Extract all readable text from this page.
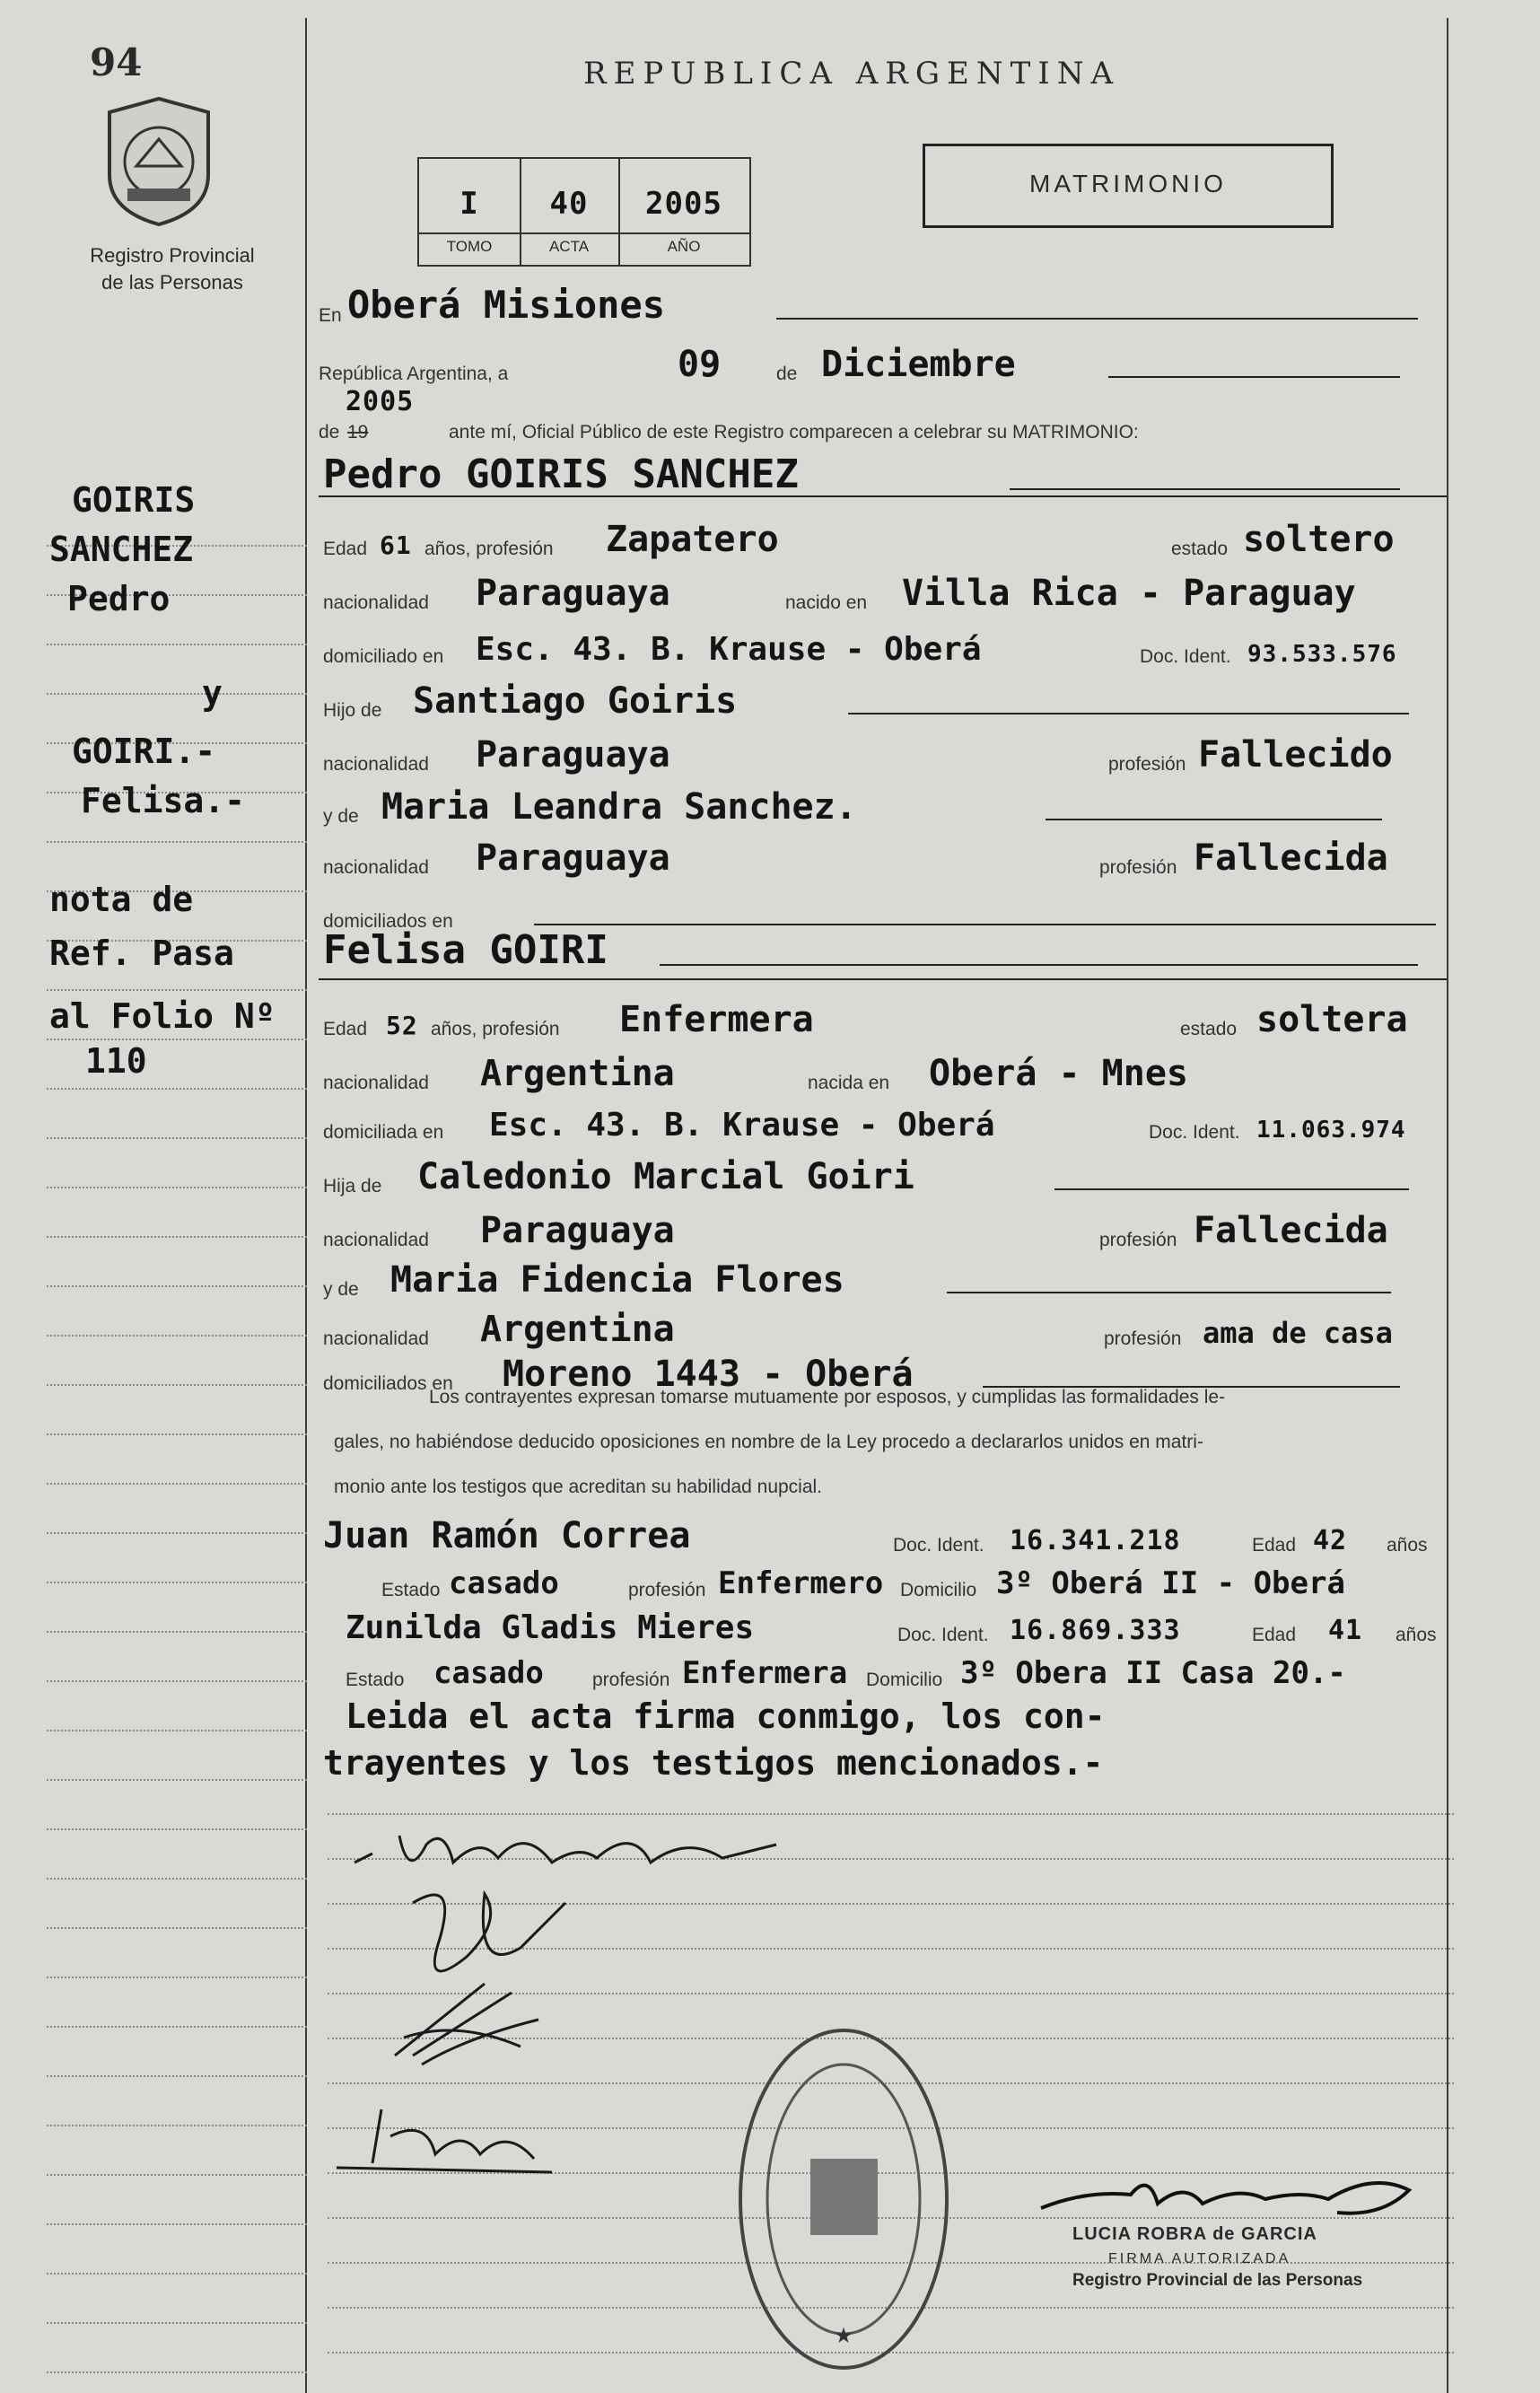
94
Registro Provincial
de las Personas
REPUBLICA ARGENTINA
MATRIMONIO
I	40	2005
TOMO	ACTA	AÑO
En Oberá Misiones
República Argentina, a	09	de Diciembre
2005
de 19	ante mí, Oficial Público de este Registro comparecen a celebrar su MATRIMONIO:
Pedro GOIRIS SANCHEZ
Edad 61 años, profesión Zapatero	estado soltero
nacionalidad Paraguaya	nacido en Villa Rica - Paraguay
domiciliado en Esc. 43. B. Krause - Oberá	Doc. Ident. 93.533.576
Hijo de Santiago Goiris
nacionalidad Paraguaya	profesión Fallecido
y de Maria Leandra Sanchez.
nacionalidad Paraguaya	profesión Fallecida
domiciliados en
Felisa GOIRI
Edad 52 años, profesión Enfermera	estado soltera
nacionalidad Argentina	nacida en Oberá - Mnes
domiciliada en Esc. 43. B. Krause - Oberá	Doc. Ident. 11.063.974
Hija de Caledonio Marcial Goiri
nacionalidad Paraguaya	profesión Fallecida
y de Maria Fidencia Flores
nacionalidad Argentina	profesión ama de casa
domiciliados en Moreno 1443 - Oberá
Los contrayentes expresan tomarse mutuamente por esposos, y cumplidas las formalidades le-
gales, no habiéndose deducido oposiciones en nombre de la Ley procedo a declararlos unidos en matri-
monio ante los testigos que acreditan su habilidad nupcial.
Juan Ramón Correa	Doc. Ident. 16.341.218	Edad 42 años
Estado casado	profesión Enfermero Domicilio 3º Oberá II - Oberá
Zunilda Gladis Mieres	Doc. Ident. 16.869.333	Edad 41 años
Estado casado	profesión Enfermera Domicilio 3º Obera II Casa 20.-
Leida el acta firma conmigo, los con-
trayentes y los testigos mencionados.-
GOIRIS
SANCHEZ
Pedro
y
GOIRI.-
Felisa.-
nota de
Ref. Pasa
al Folio Nº
110
★
LUCIA ROBRA de GARCIA
FIRMA AUTORIZADA
Registro Provincial de las Personas
